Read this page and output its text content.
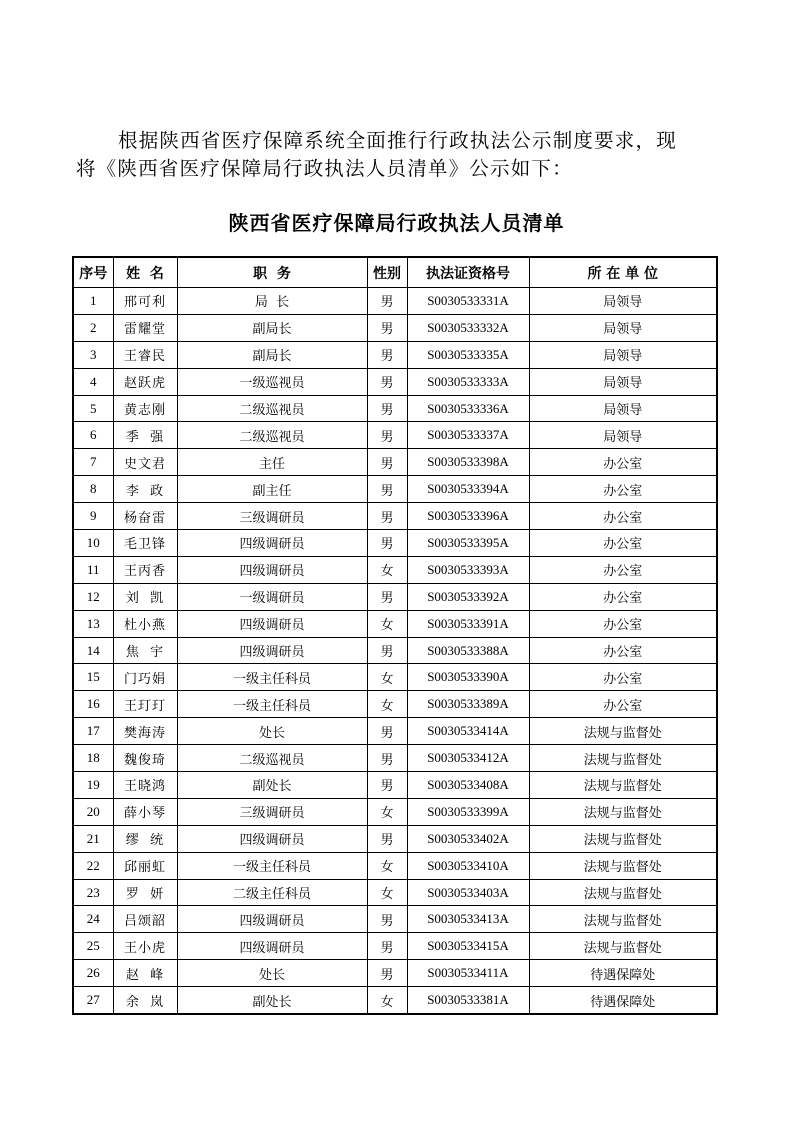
根据陕西省医疗保障系统全面推行行政执法公示制度要求，现

将《陕西省医疗保障局行政执法人员清单》公示如下：

陕西省医疗保障局行政执法人员清单
序号	姓  名	职  务	性别	执法证资格号	所 在 单 位
1	邢可利	局  长	男	S0030533331A	局领导
2	雷耀堂	副局长	男	S0030533332A	局领导
3	王睿民	副局长	男	S0030533335A	局领导
4	赵跃虎	一级巡视员	男	S0030533333A	局领导
5	黄志刚	二级巡视员	男	S0030533336A	局领导
6	季  强	二级巡视员	男	S0030533337A	局领导
7	史文君	主任	男	S0030533398A	办公室
8	李  政	副主任	男	S0030533394A	办公室
9	杨奋雷	三级调研员	男	S0030533396A	办公室
10	毛卫锋	四级调研员	男	S0030533395A	办公室
11	王丙香	四级调研员	女	S0030533393A	办公室
12	刘  凯	一级调研员	男	S0030533392A	办公室
13	杜小燕	四级调研员	女	S0030533391A	办公室
14	焦  宇	四级调研员	男	S0030533388A	办公室
15	门巧娟	一级主任科员	女	S0030533390A	办公室
16	王玎玎	一级主任科员	女	S0030533389A	办公室
17	樊海涛	处长	男	S0030533414A	法规与监督处
18	魏俊琦	二级巡视员	男	S0030533412A	法规与监督处
19	王晓鸿	副处长	男	S0030533408A	法规与监督处
20	薛小琴	三级调研员	女	S0030533399A	法规与监督处
21	缪  统	四级调研员	男	S0030533402A	法规与监督处
22	邱丽虹	一级主任科员	女	S0030533410A	法规与监督处
23	罗  妍	二级主任科员	女	S0030533403A	法规与监督处
24	吕颂韶	四级调研员	男	S0030533413A	法规与监督处
25	王小虎	四级调研员	男	S0030533415A	法规与监督处
26	赵  峰	处长	男	S0030533411A	待遇保障处
27	余  岚	副处长	女	S0030533381A	待遇保障处
